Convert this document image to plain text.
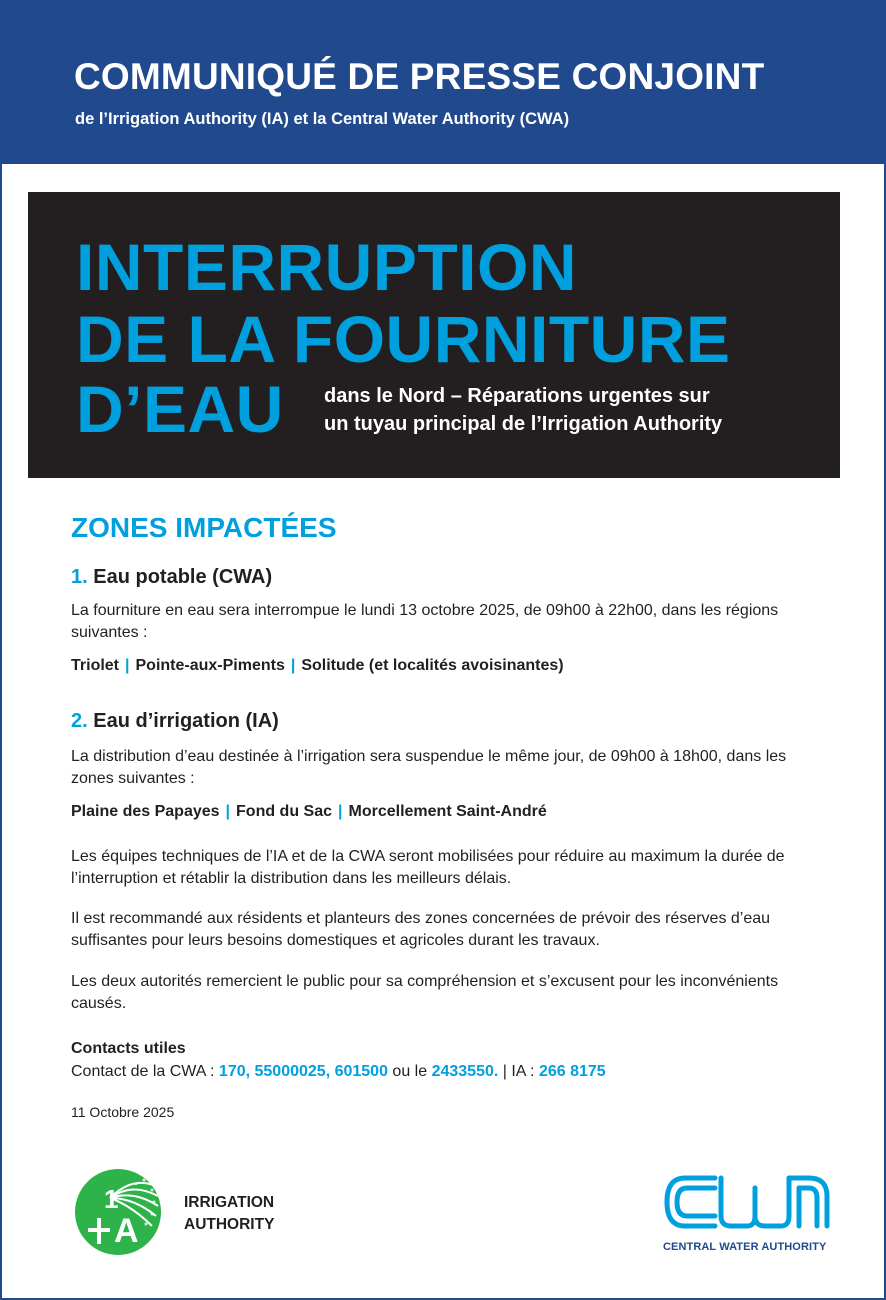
COMMUNIQUÉ DE PRESSE CONJOINT
de l’Irrigation Authority (IA) et la Central Water Authority (CWA)
INTERRUPTION
DE LA FOURNITURE
D’EAU dans le Nord – Réparations urgentes sur
un tuyau principal de l’Irrigation Authority
ZONES IMPACTÉES
1. Eau potable (CWA)
La fourniture en eau sera interrompue le lundi 13 octobre 2025, de 09h00 à 22h00, dans les régions suivantes :
Triolet | Pointe-aux-Piments | Solitude (et localités avoisinantes)
2. Eau d’irrigation (IA)
La distribution d’eau destinée à l’irrigation sera suspendue le même jour, de 09h00 à 18h00, dans les zones suivantes :
Plaine des Papayes | Fond du Sac | Morcellement Saint-André
Les équipes techniques de l’IA et de la CWA seront mobilisées pour réduire au maximum la durée de l’interruption et rétablir la distribution dans les meilleurs délais.
Il est recommandé aux résidents et planteurs des zones concernées de prévoir des réserves d’eau suffisantes pour leurs besoins domestiques et agricoles durant les travaux.
Les deux autorités remercient le public pour sa compréhension et s’excusent pour les inconvénients causés.
Contacts utiles
Contact de la CWA : 170, 55000025, 601500 ou le 2433550. | IA : 266 8175
11 Octobre 2025
1
A
IRRIGATION
AUTHORITY
CENTRAL WATER AUTHORITY
